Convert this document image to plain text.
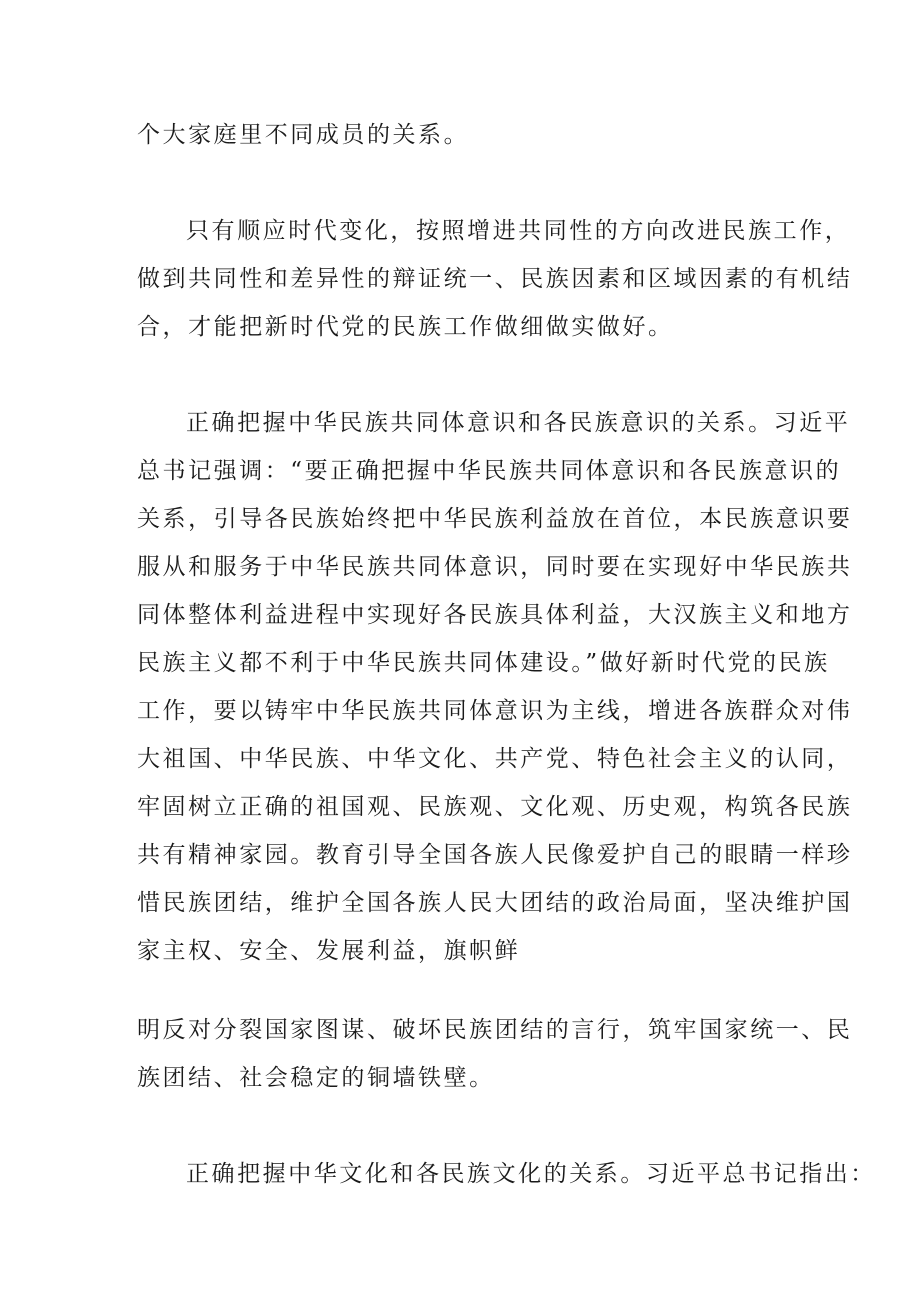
个大家庭里不同成员的关系。
只有顺应时代变化，按照增进共同性的方向改进民族工作，
做到共同性和差异性的辩证统一、民族因素和区域因素的有机结
合，才能把新时代党的民族工作做细做实做好。
正确把握中华民族共同体意识和各民族意识的关系。习近平
总书记强调：“要正确把握中华民族共同体意识和各民族意识的
关系，引导各民族始终把中华民族利益放在首位，本民族意识要
服从和服务于中华民族共同体意识，同时要在实现好中华民族共
同体整体利益进程中实现好各民族具体利益，大汉族主义和地方
民族主义都不利于中华民族共同体建设。”做好新时代党的民族
工作，要以铸牢中华民族共同体意识为主线，增进各族群众对伟
大祖国、中华民族、中华文化、共产党、特色社会主义的认同，
牢固树立正确的祖国观、民族观、文化观、历史观，构筑各民族
共有精神家园。教育引导全国各族人民像爱护自己的眼睛一样珍
惜民族团结，维护全国各族人民大团结的政治局面，坚决维护国
家主权、安全、发展利益，旗帜鲜
明反对分裂国家图谋、破坏民族团结的言行，筑牢国家统一、民
族团结、社会稳定的铜墙铁壁。
正确把握中华文化和各民族文化的关系。习近平总书记指出：
